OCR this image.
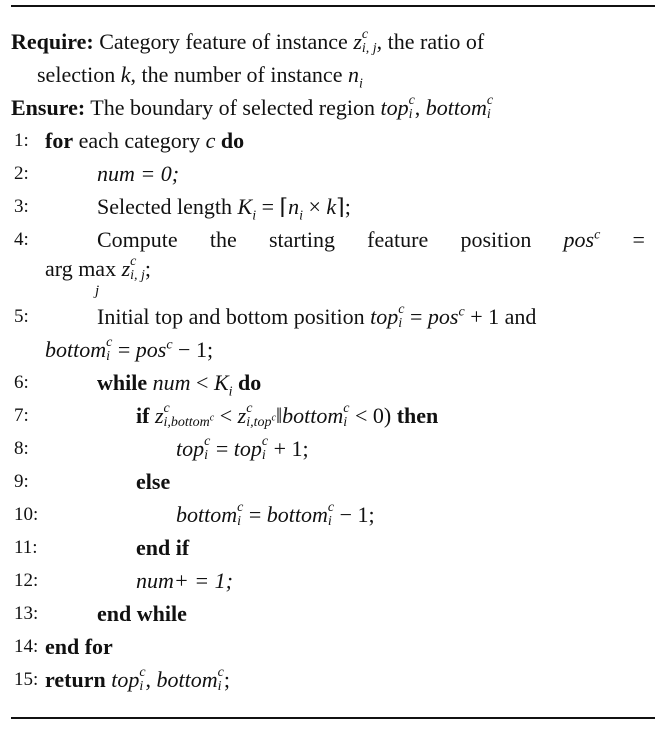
Require: Category feature of instance z c
i, j , the ratio of
selection k, the number of instance $n_i$
Ensure: The boundary of selected region top c
i , bottom c
i
1: for each category c do
2:	num = 0;
3:	Selected length $K_i$ = $⌈n_i$ × k⌉;
4:	Compute the starting feature position pos$^c$ =
arg max z c
i, j ;
j
5:	Initial top and bottom position top c
i = pos$^c$ + 1 and
bottom c
i = pos$^c$ − 1;
6:	while num < $K_i$ do
7:	if z c
i,bottom$^c$ < z c
i,top$^c$ ‖bottom c
i < 0) then
8:	top c
i = top c
i + 1;
9:	else
10:	bottom c
i = bottom c
i − 1;
11:	end if
12:	num+ = 1;
13:	end while
14: end for
15: return top c
i , bottom c
i ;
